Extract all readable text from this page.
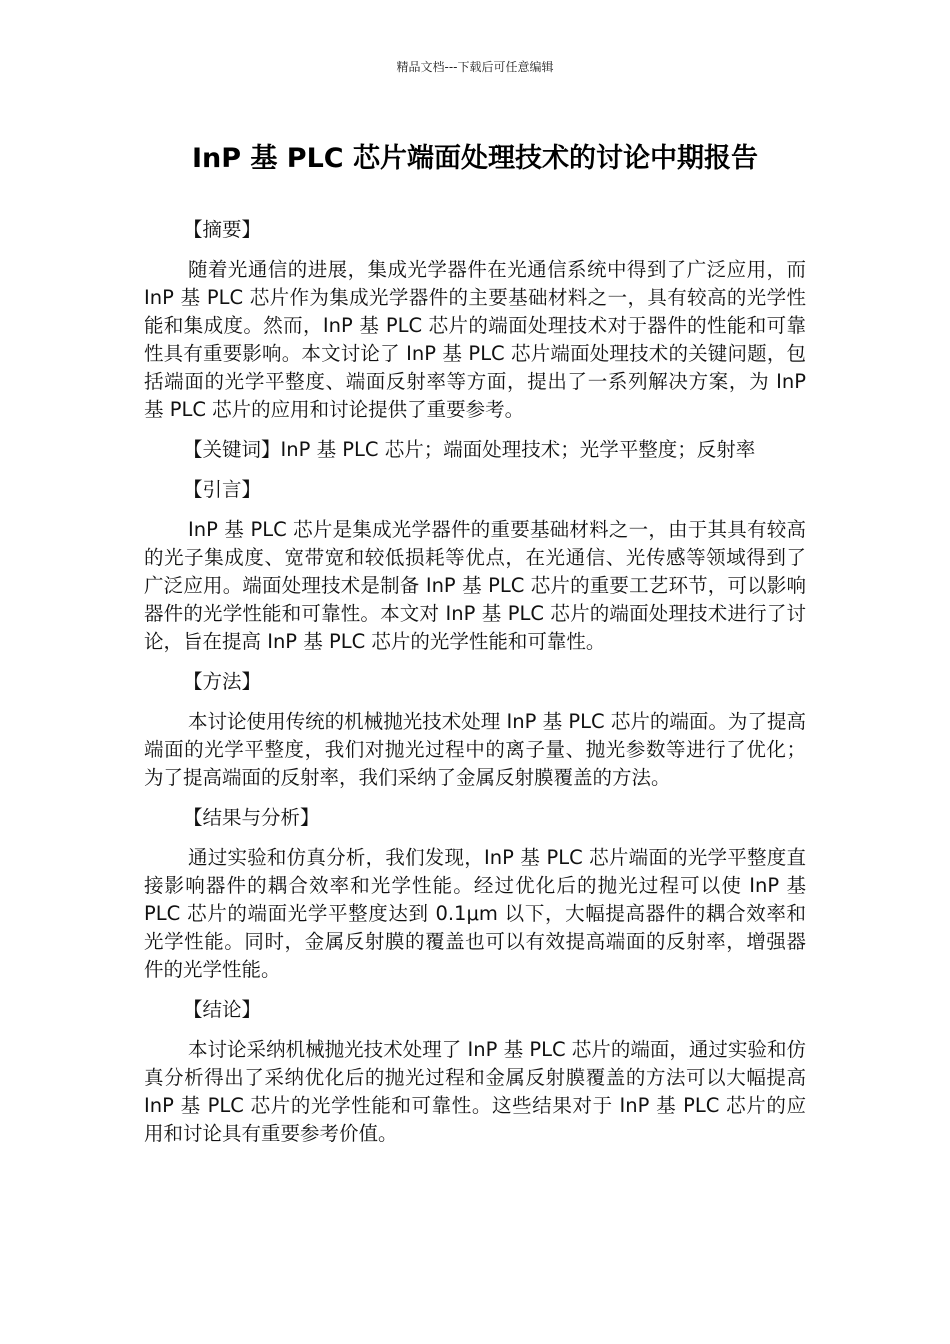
精品文档---下载后可任意编辑
InP 基 PLC 芯片端面处理技术的讨论中期报告
【摘要】

随着光通信的进展，集成光学器件在光通信系统中得到了广泛应用，而 InP 基 PLC 芯片作为集成光学器件的主要基础材料之一，具有较高的光学性能和集成度。然而，InP 基 PLC 芯片的端面处理技术对于器件的性能和可靠性具有重要影响。本文讨论了 InP 基 PLC 芯片端面处理技术的关键问题，包括端面的光学平整度、端面反射率等方面，提出了一系列解决方案，为 InP 基 PLC 芯片的应用和讨论提供了重要参考。

【关键词】InP 基 PLC 芯片；端面处理技术；光学平整度；反射率
【引言】

InP 基 PLC 芯片是集成光学器件的重要基础材料之一，由于其具有较高的光子集成度、宽带宽和较低损耗等优点，在光通信、光传感等领域得到了广泛应用。端面处理技术是制备 InP 基 PLC 芯片的重要工艺环节，可以影响器件的光学性能和可靠性。本文对 InP 基 PLC 芯片的端面处理技术进行了讨论，旨在提高 InP 基 PLC 芯片的光学性能和可靠性。

【方法】

本讨论使用传统的机械抛光技术处理 InP 基 PLC 芯片的端面。为了提高端面的光学平整度，我们对抛光过程中的离子量、抛光参数等进行了优化；为了提高端面的反射率，我们采纳了金属反射膜覆盖的方法。

【结果与分析】

通过实验和仿真分析，我们发现，InP 基 PLC 芯片端面的光学平整度直接影响器件的耦合效率和光学性能。经过优化后的抛光过程可以使 InP 基 PLC 芯片的端面光学平整度达到 0.1μm 以下，大幅提高器件的耦合效率和光学性能。同时，金属反射膜的覆盖也可以有效提高端面的反射率，增强器件的光学性能。

【结论】

本讨论采纳机械抛光技术处理了 InP 基 PLC 芯片的端面，通过实验和仿真分析得出了采纳优化后的抛光过程和金属反射膜覆盖的方法可以大幅提高 InP 基 PLC 芯片的光学性能和可靠性。这些结果对于 InP 基 PLC 芯片的应用和讨论具有重要参考价值。
